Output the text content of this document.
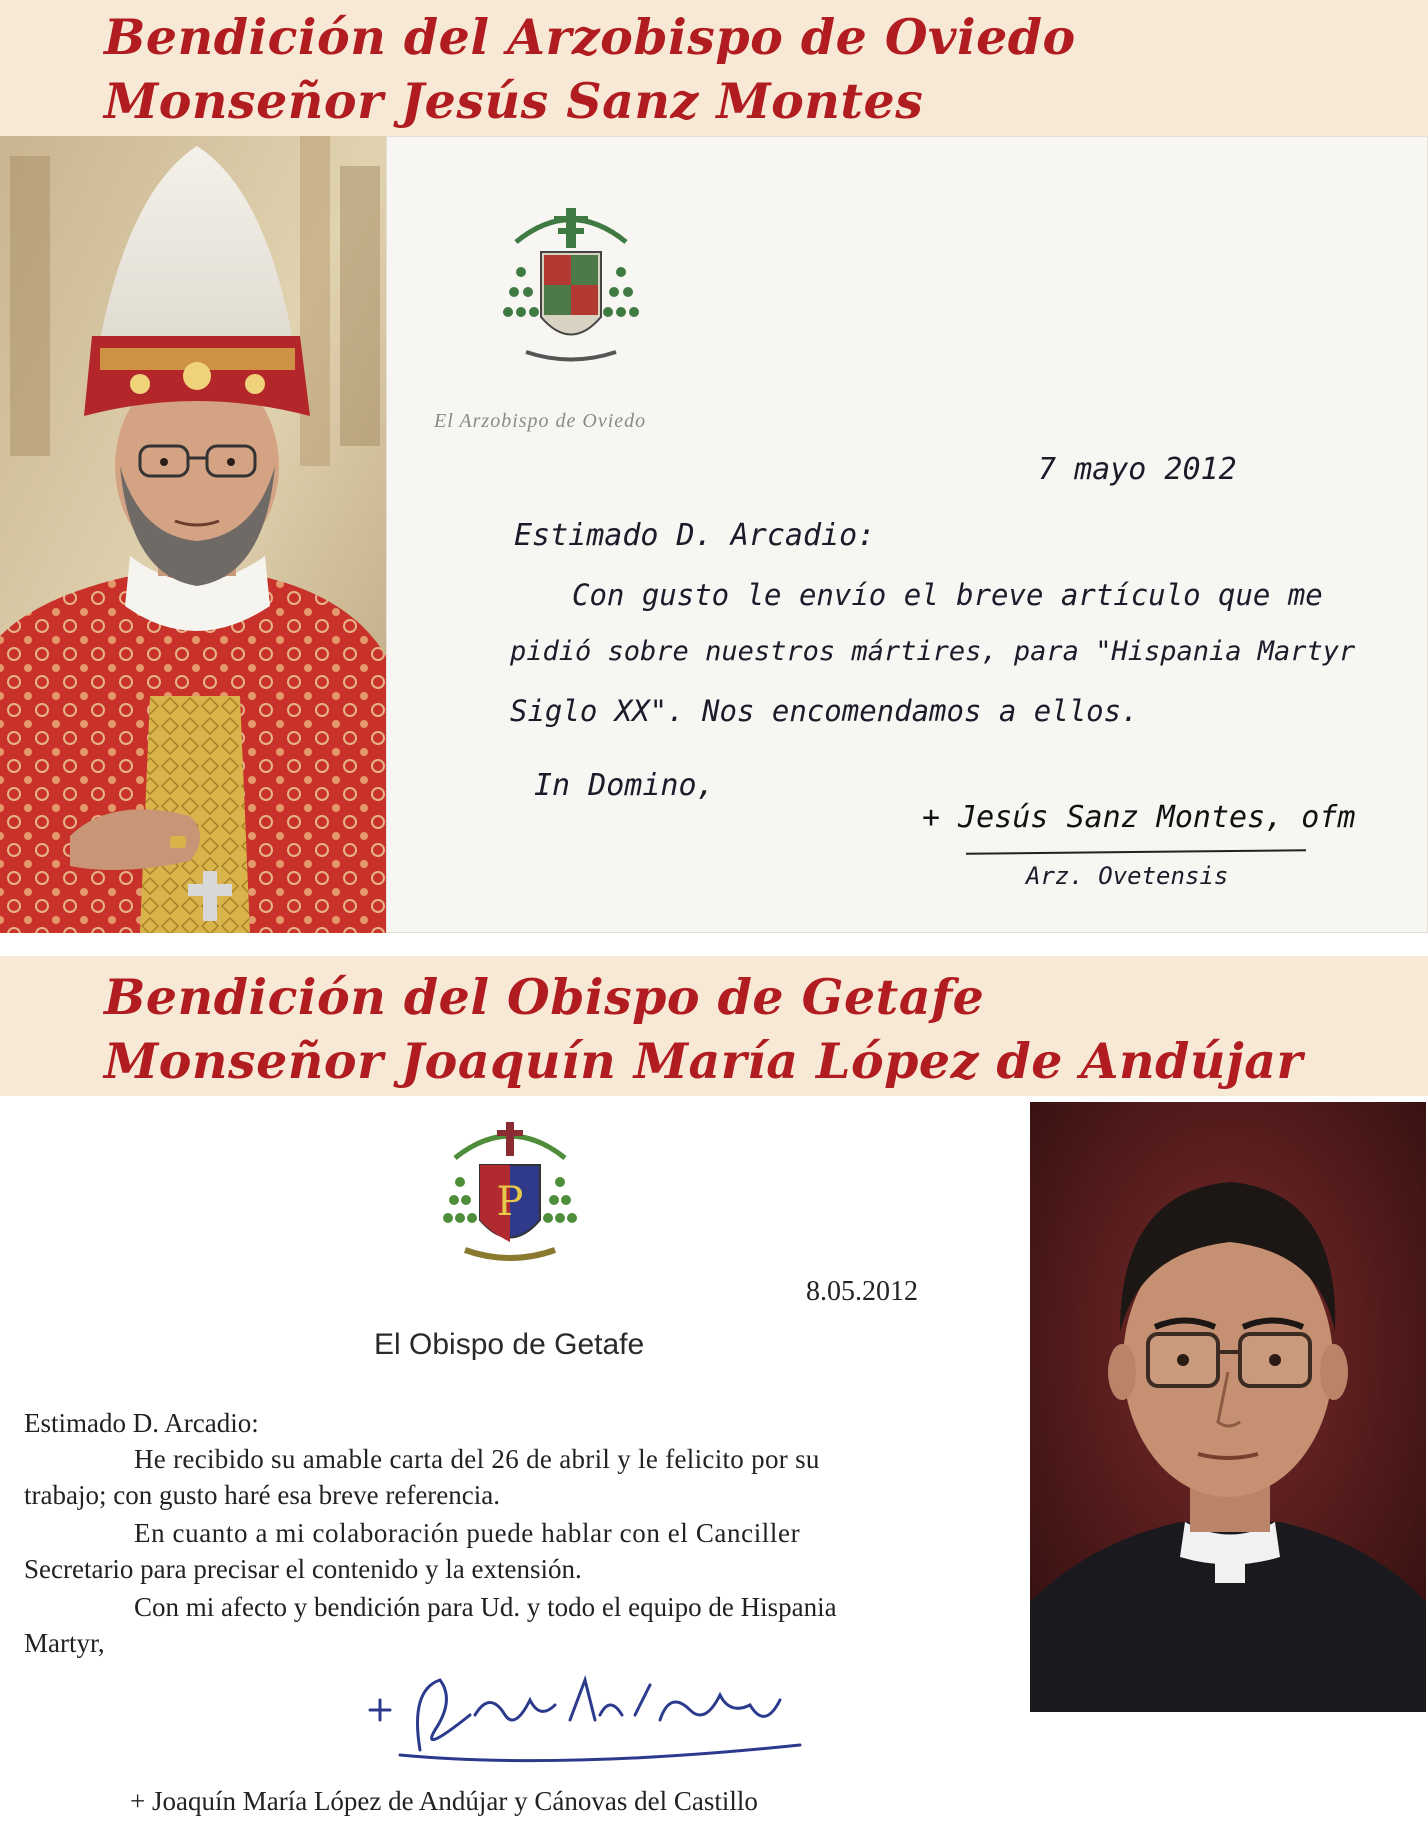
Bendición del Arzobispo de Oviedo
Monseñor Jesús Sanz Montes
El Arzobispo de Oviedo
7 mayo 2012
Estimado D. Arcadio:
Con gusto le envío el breve artículo que me
pidió sobre nuestros mártires, para "Hispania Martyr
Siglo XX". Nos encomendamos a ellos.
In Domino,
+ Jesús Sanz Montes, ofm
Arz. Ovetensis
Bendición del Obispo de Getafe
Monseñor Joaquín María López de Andújar
P
8.05.2012
El Obispo de Getafe
Estimado D. Arcadio:
He recibido su amable carta del 26 de abril y le felicito por su
trabajo; con gusto haré esa breve referencia.
En cuanto a mi colaboración puede hablar con el Canciller
Secretario para precisar el contenido y la extensión.
Con mi afecto y bendición para Ud. y todo el equipo de Hispania
Martyr,
+ Joaquín María López de Andújar y Cánovas del Castillo
